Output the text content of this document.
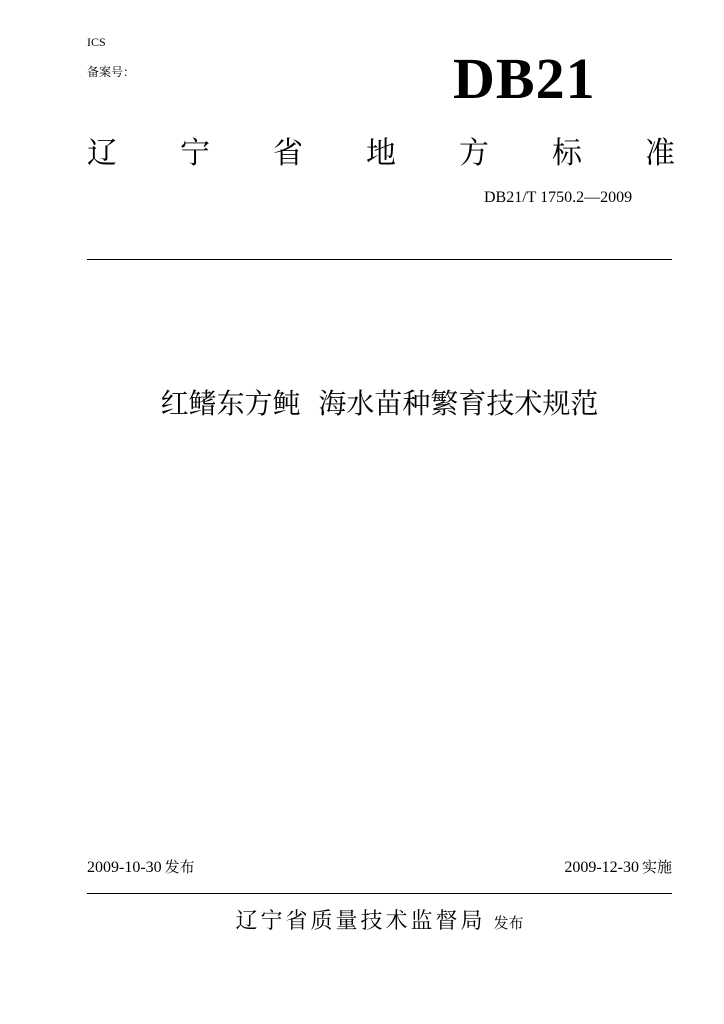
ICS
备案号：	DB21
辽 宁 省 地 方 标 准
DB21/T 1750.2—2009
红鳍东方鲀  海水苗种繁育技术规范
2009-10-30 发布	2009-12-30 实施
辽宁省质量技术监督局 发布
